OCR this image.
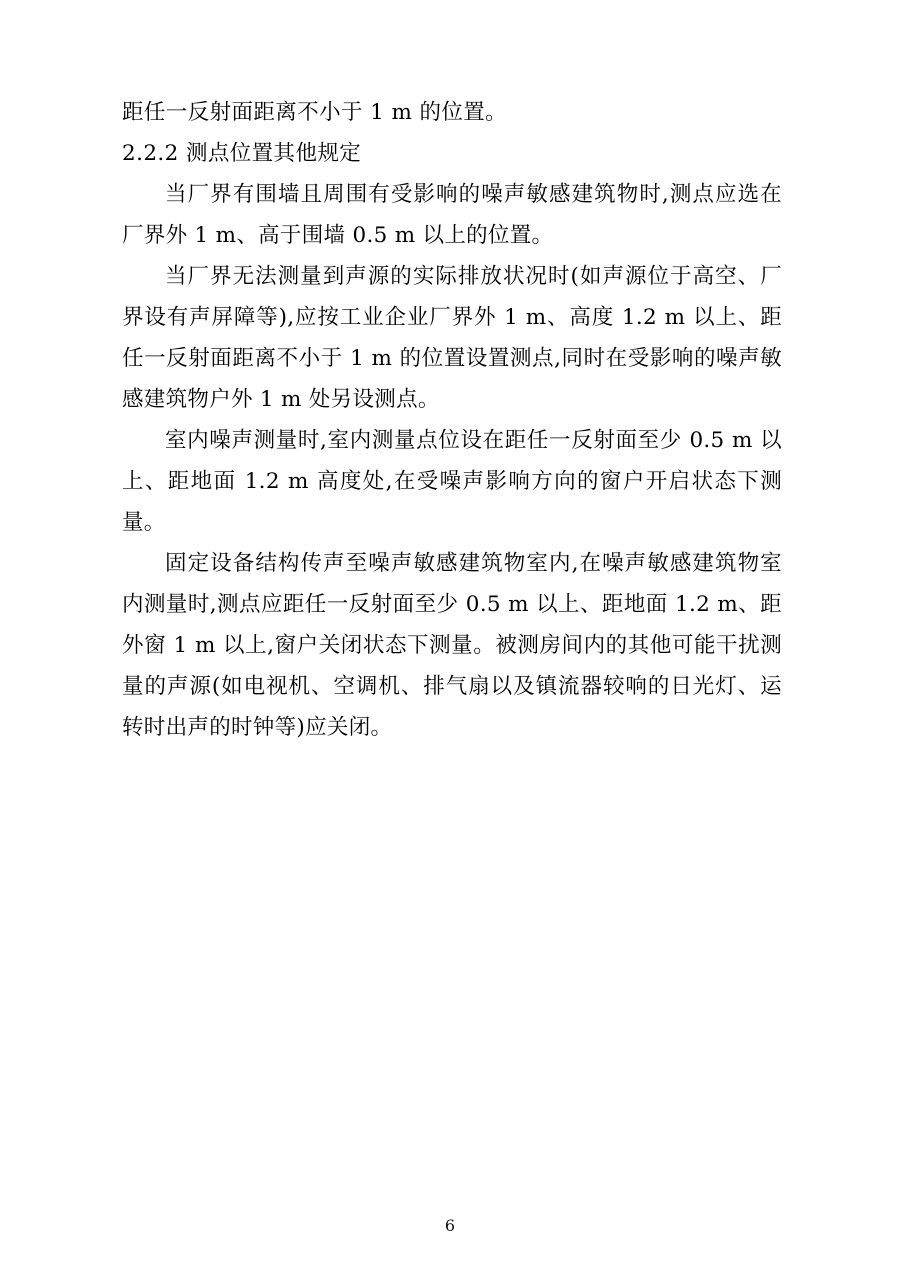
距任一反射面距离不小于 1 m 的位置。

2.2.2 测点位置其他规定

当厂界有围墙且周围有受影响的噪声敏感建筑物时,测点应选在厂界外 1 m、高于围墙 0.5 m 以上的位置。

当厂界无法测量到声源的实际排放状况时(如声源位于高空、厂界设有声屏障等),应按工业企业厂界外 1 m、高度 1.2 m 以上、距任一反射面距离不小于 1 m 的位置设置测点,同时在受影响的噪声敏感建筑物户外 1 m 处另设测点。

室内噪声测量时,室内测量点位设在距任一反射面至少 0.5 m 以上、距地面 1.2 m 高度处,在受噪声影响方向的窗户开启状态下测量。

固定设备结构传声至噪声敏感建筑物室内,在噪声敏感建筑物室内测量时,测点应距任一反射面至少 0.5 m 以上、距地面 1.2 m、距外窗 1 m 以上,窗户关闭状态下测量。被测房间内的其他可能干扰测量的声源(如电视机、空调机、排气扇以及镇流器较响的日光灯、运转时出声的时钟等)应关闭。

6
